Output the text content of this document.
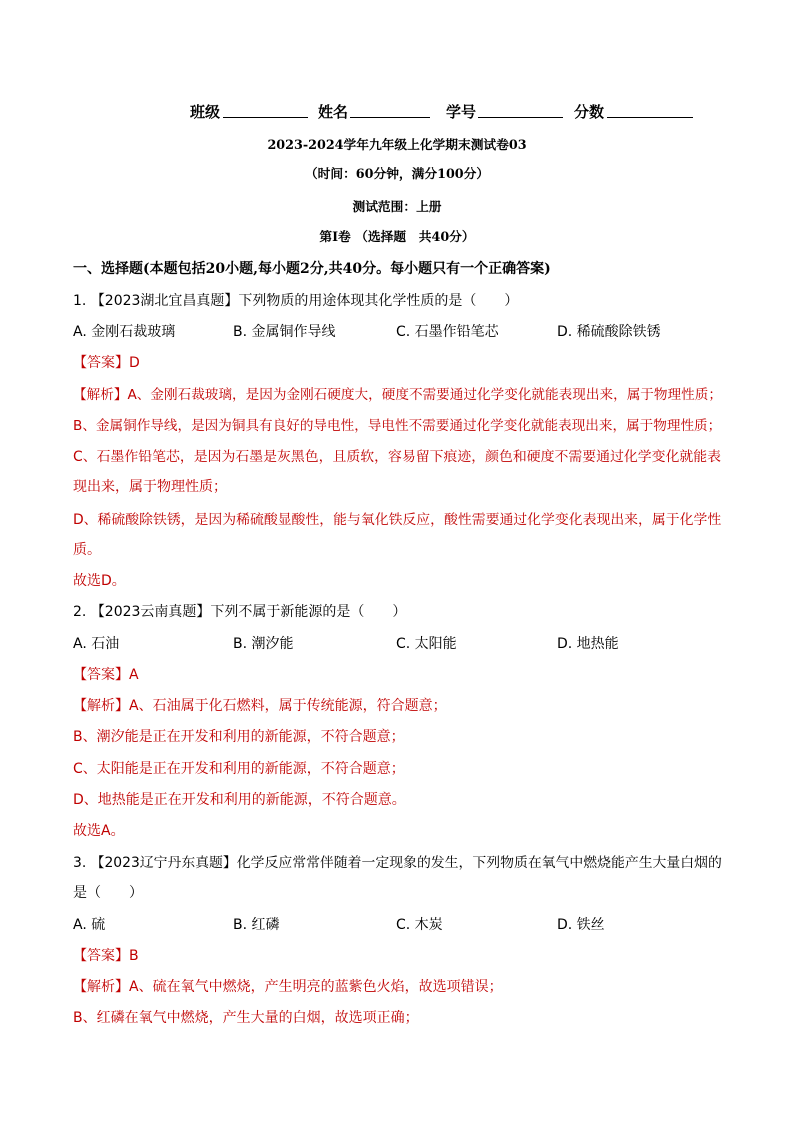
班级	姓名	学号	分数
2023-2024学年九年级上化学期末测试卷03
（时间：60分钟，满分100分）
测试范围：上册
第Ⅰ卷 （选择题　共40分）
一、选择题(本题包括20小题,每小题2分,共40分。每小题只有一个正确答案)
1. 【2023湖北宜昌真题】下列物质的用途体现其化学性质的是（　　）
A. 金刚石裁玻璃	B. 金属铜作导线	C. 石墨作铅笔芯	D. 稀硫酸除铁锈
【答案】D
【解析】A、金刚石裁玻璃，是因为金刚石硬度大，硬度不需要通过化学变化就能表现出来，属于物理性质；
B、金属铜作导线，是因为铜具有良好的导电性，导电性不需要通过化学变化就能表现出来，属于物理性质；
C、石墨作铅笔芯，是因为石墨是灰黑色，且质软，容易留下痕迹，颜色和硬度不需要通过化学变化就能表
现出来，属于物理性质；
D、稀硫酸除铁锈，是因为稀硫酸显酸性，能与氧化铁反应，酸性需要通过化学变化表现出来，属于化学性
质。
故选D。
2. 【2023云南真题】下列不属于新能源的是（　　）
A. 石油	B. 潮汐能	C. 太阳能	D. 地热能
【答案】A
【解析】A、石油属于化石燃料，属于传统能源，符合题意；
B、潮汐能是正在开发和利用的新能源，不符合题意；
C、太阳能是正在开发和利用的新能源，不符合题意；
D、地热能是正在开发和利用的新能源，不符合题意。
故选A。
3. 【2023辽宁丹东真题】化学反应常常伴随着一定现象的发生，下列物质在氧气中燃烧能产生大量白烟的
是（　　）
A. 硫	B. 红磷	C. 木炭	D. 铁丝
【答案】B
【解析】A、硫在氧气中燃烧，产生明亮的蓝紫色火焰，故选项错误；
B、红磷在氧气中燃烧，产生大量的白烟，故选项正确；
